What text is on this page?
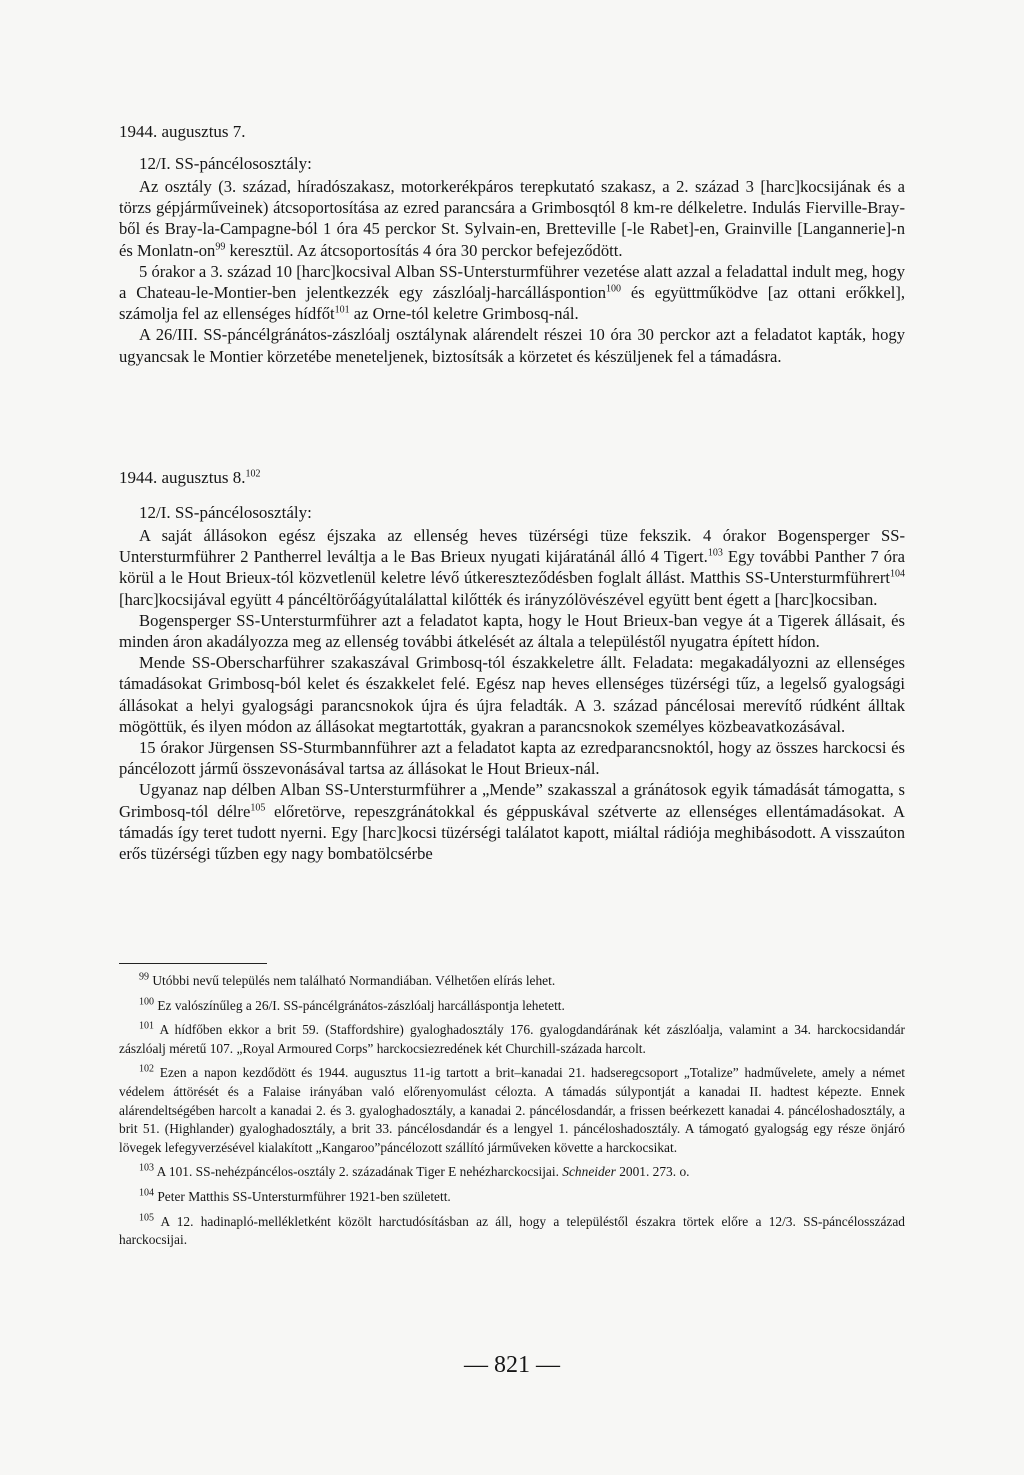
1944. augusztus 7.
12/I. SS-páncélososztály:

Az osztály (3. század, híradószakasz, motorkerékpáros terepkutató szakasz, a 2. század 3 [harc]kocsijának és a törzs gépjárműveinek) átcsoportosítása az ezred parancsára a Grimbosqtól 8 km-re délkeletre. Indulás Fierville-Bray-ből és Bray-la-Campagne-ból 1 óra 45 perckor St. Sylvain-en, Bretteville [-le Rabet]-en, Grainville [Langannerie]-n és Monlatn-$on^{99}$ keresztül. Az átcsoportosítás 4 óra 30 perckor befejeződött.

5 órakor a 3. század 10 [harc]kocsival Alban SS-Untersturmführer vezetése alatt azzal a feladattal indult meg, hogy a Chateau-le-Montier-ben jelentkezzék egy zászlóalj-harcálláspontion$^{100}$ és együttműködve [az ottani erőkkel], számolja fel az ellenséges hídfőt$^{101}$ az Orne-tól keletre Grimbosq-nál.

A 26/III. SS-páncélgránátos-zászlóalj osztálynak alárendelt részei 10 óra 30 perckor azt a feladatot kapták, hogy ugyancsak le Montier körzetébe meneteljenek, biztosítsák a körzetet és készüljenek fel a támadásra.

1944. augusztus 8.$^{102}$
12/I. SS-páncélososztály:

A saját állásokon egész éjszaka az ellenség heves tüzérségi tüze fekszik. 4 órakor Bogensperger SS-Untersturmführer 2 Pantherrel leváltja a le Bas Brieux nyugati kijáratánál álló 4 Tigert.$^{103}$ Egy további Panther 7 óra körül a le Hout Brieux-tól közvetlenül keletre lévő útkereszteződésben foglalt állást. Matthis SS-Untersturmführert$^{104}$ [harc]kocsijával együtt 4 páncéltörőágyútalálattal kilőtték és irányzólövészével együtt bent égett a [harc]kocsiban.

Bogensperger SS-Untersturmführer azt a feladatot kapta, hogy le Hout Brieux-ban vegye át a Tigerek állásait, és minden áron akadályozza meg az ellenség további átkelését az általa a településtől nyugatra épített hídon.

Mende SS-Oberscharführer szakaszával Grimbosq-tól északkeletre állt. Feladata: megakadályozni az ellenséges támadásokat Grimbosq-ból kelet és északkelet felé. Egész nap heves ellenséges tüzérségi tűz, a legelső gyalogsági állásokat a helyi gyalogsági parancsnokok újra és újra feladták. A 3. század páncélosai merevítő rúdként álltak mögöttük, és ilyen módon az állásokat megtartották, gyakran a parancsnokok személyes közbeavatkozásával.

15 órakor Jürgensen SS-Sturmbannführer azt a feladatot kapta az ezredparancsnoktól, hogy az összes harckocsi és páncélozott jármű összevonásával tartsa az állásokat le Hout Brieux-nál.

Ugyanaz nap délben Alban SS-Untersturmführer a „Mende” szakasszal a gránátosok egyik támadását támogatta, s Grimbosq-tól délre$^{105}$ előretörve, repeszgránátokkal és géppuskával szétverte az ellenséges ellentámadásokat. A támadás így teret tudott nyerni. Egy [harc]kocsi tüzérségi találatot kapott, miáltal rádiója meghibásodott. A visszaúton erős tüzérségi tűzben egy nagy bombatölcsérbe

$^{99}$ Utóbbi nevű település nem található Normandiában. Vélhetően elírás lehet.

$^{100}$ Ez valószínűleg a 26/I. SS-páncélgránátos-zászlóalj harcálláspontja lehetett.

$^{101}$ A hídfőben ekkor a brit 59. (Staffordshire) gyaloghadosztály 176. gyalogdandárának két zászlóalja, valamint a 34. harckocsidandár zászlóalj méretű 107. „Royal Armoured Corps” harckocsiezredének két Churchill-százada harcolt.

$^{102}$ Ezen a napon kezdődött és 1944. augusztus 11-ig tartott a brit–kanadai 21. hadseregcsoport „Totalize” hadművelete, amely a német védelem áttörését és a Falaise irányában való előrenyomulást célozta. A támadás súlypontját a kanadai II. hadtest képezte. Ennek alárendeltségében harcolt a kanadai 2. és 3. gyaloghadosztály, a kanadai 2. páncélosdandár, a frissen beérkezett kanadai 4. páncéloshadosztály, a brit 51. (Highlander) gyaloghadosztály, a brit 33. páncélosdandár és a lengyel 1. páncéloshadosztály. A támogató gyalogság egy része önjáró lövegek lefegyverzésével kialakított „Kangaroo”páncélozott szállító járműveken követte a harckocsikat.

$^{103}$ A 101. SS-nehézpáncélos-osztály 2. századának Tiger E nehézharckocsijai. Schneider 2001. 273. o.

$^{104}$ Peter Matthis SS-Untersturmführer 1921-ben született.

$^{105}$ A 12. hadinapló-mellékletként közölt harctudósításban az áll, hogy a településtől északra törtek előre a 12/3. SS-páncélosszázad harckocsijai.

— 821 —
